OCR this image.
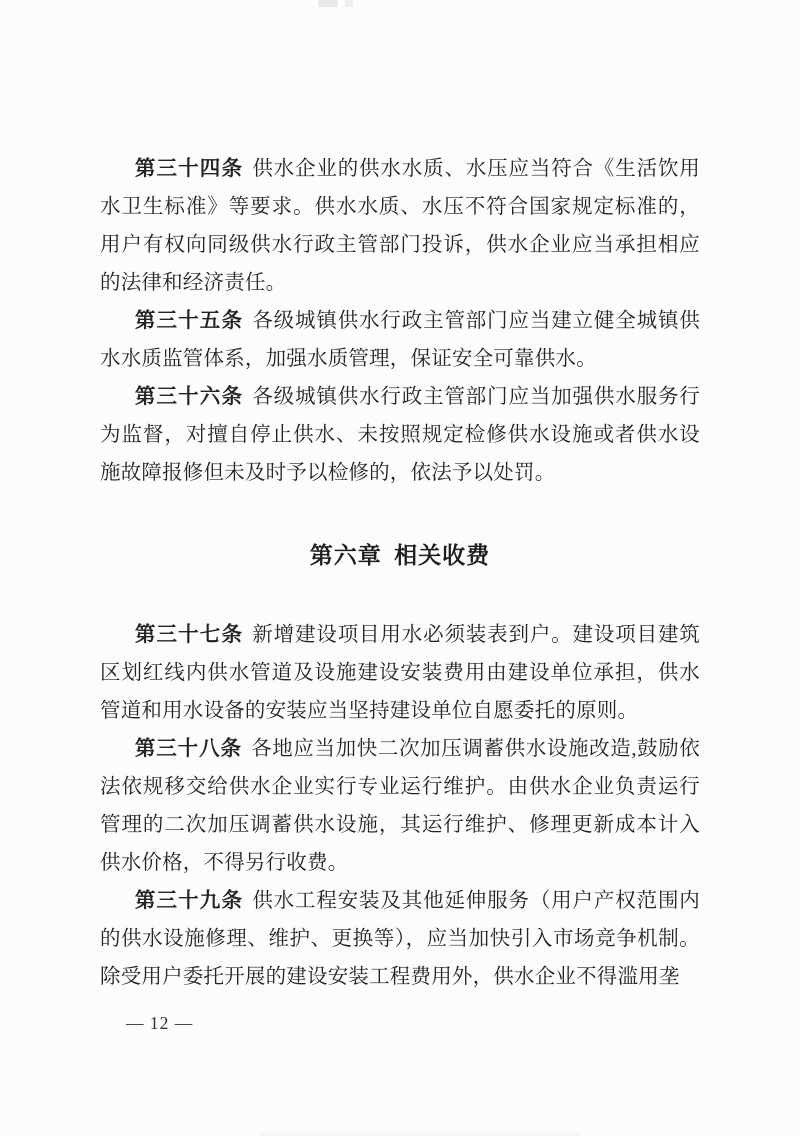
第三十四条 供水企业的供水水质、水压应当符合《生活饮用水卫生标准》等要求。供水水质、水压不符合国家规定标准的，用户有权向同级供水行政主管部门投诉，供水企业应当承担相应的法律和经济责任。

第三十五条 各级城镇供水行政主管部门应当建立健全城镇供水水质监管体系，加强水质管理，保证安全可靠供水。

第三十六条 各级城镇供水行政主管部门应当加强供水服务行为监督，对擅自停止供水、未按照规定检修供水设施或者供水设施故障报修但未及时予以检修的，依法予以处罚。

第六章 相关收费

第三十七条 新增建设项目用水必须装表到户。建设项目建筑区划红线内供水管道及设施建设安装费用由建设单位承担，供水管道和用水设备的安装应当坚持建设单位自愿委托的原则。

第三十八条 各地应当加快二次加压调蓄供水设施改造,鼓励依法依规移交给供水企业实行专业运行维护。由供水企业负责运行管理的二次加压调蓄供水设施，其运行维护、修理更新成本计入供水价格，不得另行收费。

第三十九条 供水工程安装及其他延伸服务（用户产权范围内的供水设施修理、维护、更换等），应当加快引入市场竞争机制。除受用户委托开展的建设安装工程费用外，供水企业不得滥用垄

— 12 —
